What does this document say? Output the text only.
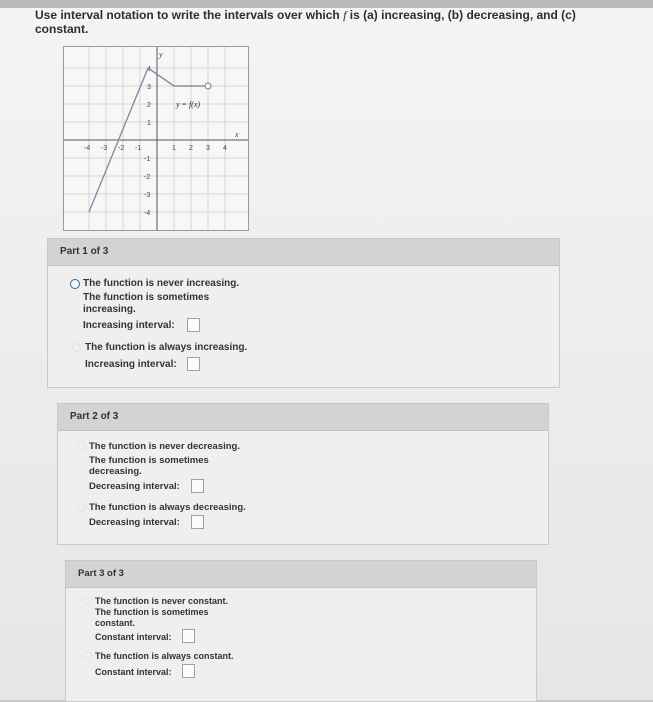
Use interval notation to write the intervals over which f is (a) increasing, (b) decreasing, and (c)
constant.
y
x
-4 -3 -2 -1	1 2 3 4
4
3
2
1
-1
-2
-3
-4
y = f(x)
Part 1 of 3
The function is never increasing.
The function is sometimes
increasing.
Increasing interval:
The function is always increasing.
Increasing interval:
Part 2 of 3
The function is never decreasing.
The function is sometimes
decreasing.
Decreasing interval:
The function is always decreasing.
Decreasing interval:
Part 3 of 3
The function is never constant.
The function is sometimes
constant.
Constant interval:
The function is always constant.
Constant interval:
